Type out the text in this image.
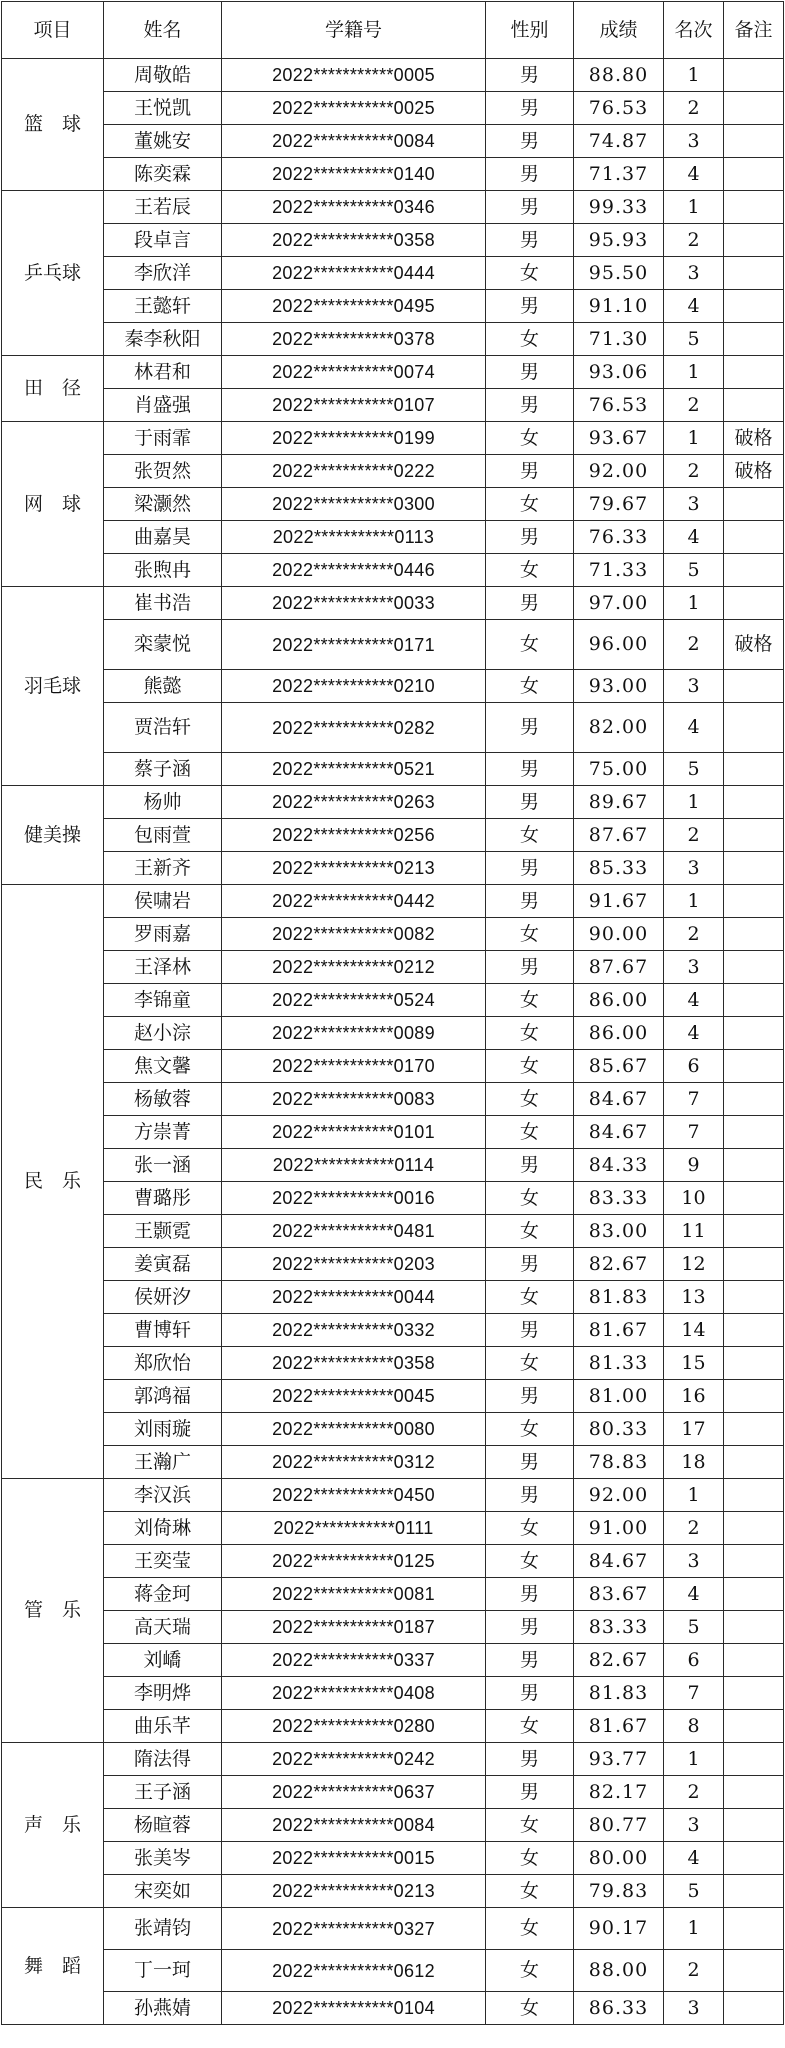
项目	姓名	学籍号	性别	成绩	名次	备注
篮　球	周敬皓	2022***********0005	男	88.80	1	
	王悦凯	2022***********0025	男	76.53	2	
	董姚安	2022***********0084	男	74.87	3	
	陈奕霖	2022***********0140	男	71.37	4	
乒乓球	王若辰	2022***********0346	男	99.33	1	
	段卓言	2022***********0358	男	95.93	2	
	李欣洋	2022***********0444	女	95.50	3	
	王懿轩	2022***********0495	男	91.10	4	
	秦李秋阳	2022***********0378	女	71.30	5	
田　径	林君和	2022***********0074	男	93.06	1	
	肖盛强	2022***********0107	男	76.53	2	
网　球	于雨霏	2022***********0199	女	93.67	1	破格
	张贺然	2022***********0222	男	92.00	2	破格
	梁灏然	2022***********0300	女	79.67	3	
	曲嘉昊	2022***********0113	男	76.33	4	
	张煦冉	2022***********0446	女	71.33	5	
羽毛球	崔书浩	2022***********0033	男	97.00	1	
	栾蒙悦	2022***********0171	女	96.00	2	破格
	熊懿	2022***********0210	女	93.00	3	
	贾浩轩	2022***********0282	男	82.00	4	
	蔡子涵	2022***********0521	男	75.00	5	
健美操	杨帅	2022***********0263	男	89.67	1	
	包雨萱	2022***********0256	女	87.67	2	
	王新齐	2022***********0213	男	85.33	3	
民　乐	侯啸岩	2022***********0442	男	91.67	1	
	罗雨嘉	2022***********0082	女	90.00	2	
	王泽林	2022***********0212	男	87.67	3	
	李锦童	2022***********0524	女	86.00	4	
	赵小淙	2022***********0089	女	86.00	4	
	焦文馨	2022***********0170	女	85.67	6	
	杨敏蓉	2022***********0083	女	84.67	7	
	方崇菁	2022***********0101	女	84.67	7	
	张一涵	2022***********0114	男	84.33	9	
	曹璐彤	2022***********0016	女	83.33	10	
	王颢霓	2022***********0481	女	83.00	11	
	姜寅磊	2022***********0203	男	82.67	12	
	侯妍汐	2022***********0044	女	81.83	13	
	曹博轩	2022***********0332	男	81.67	14	
	郑欣怡	2022***********0358	女	81.33	15	
	郭鸿福	2022***********0045	男	81.00	16	
	刘雨璇	2022***********0080	女	80.33	17	
	王瀚广	2022***********0312	男	78.83	18	
管　乐	李汉浜	2022***********0450	男	92.00	1	
	刘倚琳	2022***********0111	女	91.00	2	
	王奕莹	2022***********0125	女	84.67	3	
	蒋金珂	2022***********0081	男	83.67	4	
	高天瑞	2022***********0187	男	83.33	5	
	刘嶠	2022***********0337	男	82.67	6	
	李明烨	2022***********0408	男	81.83	7	
	曲乐芊	2022***********0280	女	81.67	8	
声　乐	隋法得	2022***********0242	男	93.77	1	
	王子涵	2022***********0637	男	82.17	2	
	杨暄蓉	2022***********0084	女	80.77	3	
	张美岑	2022***********0015	女	80.00	4	
	宋奕如	2022***********0213	女	79.83	5	
舞　蹈	张靖钧	2022***********0327	女	90.17	1	
	丁一珂	2022***********0612	女	88.00	2	
	孙燕婧	2022***********0104	女	86.33	3	
